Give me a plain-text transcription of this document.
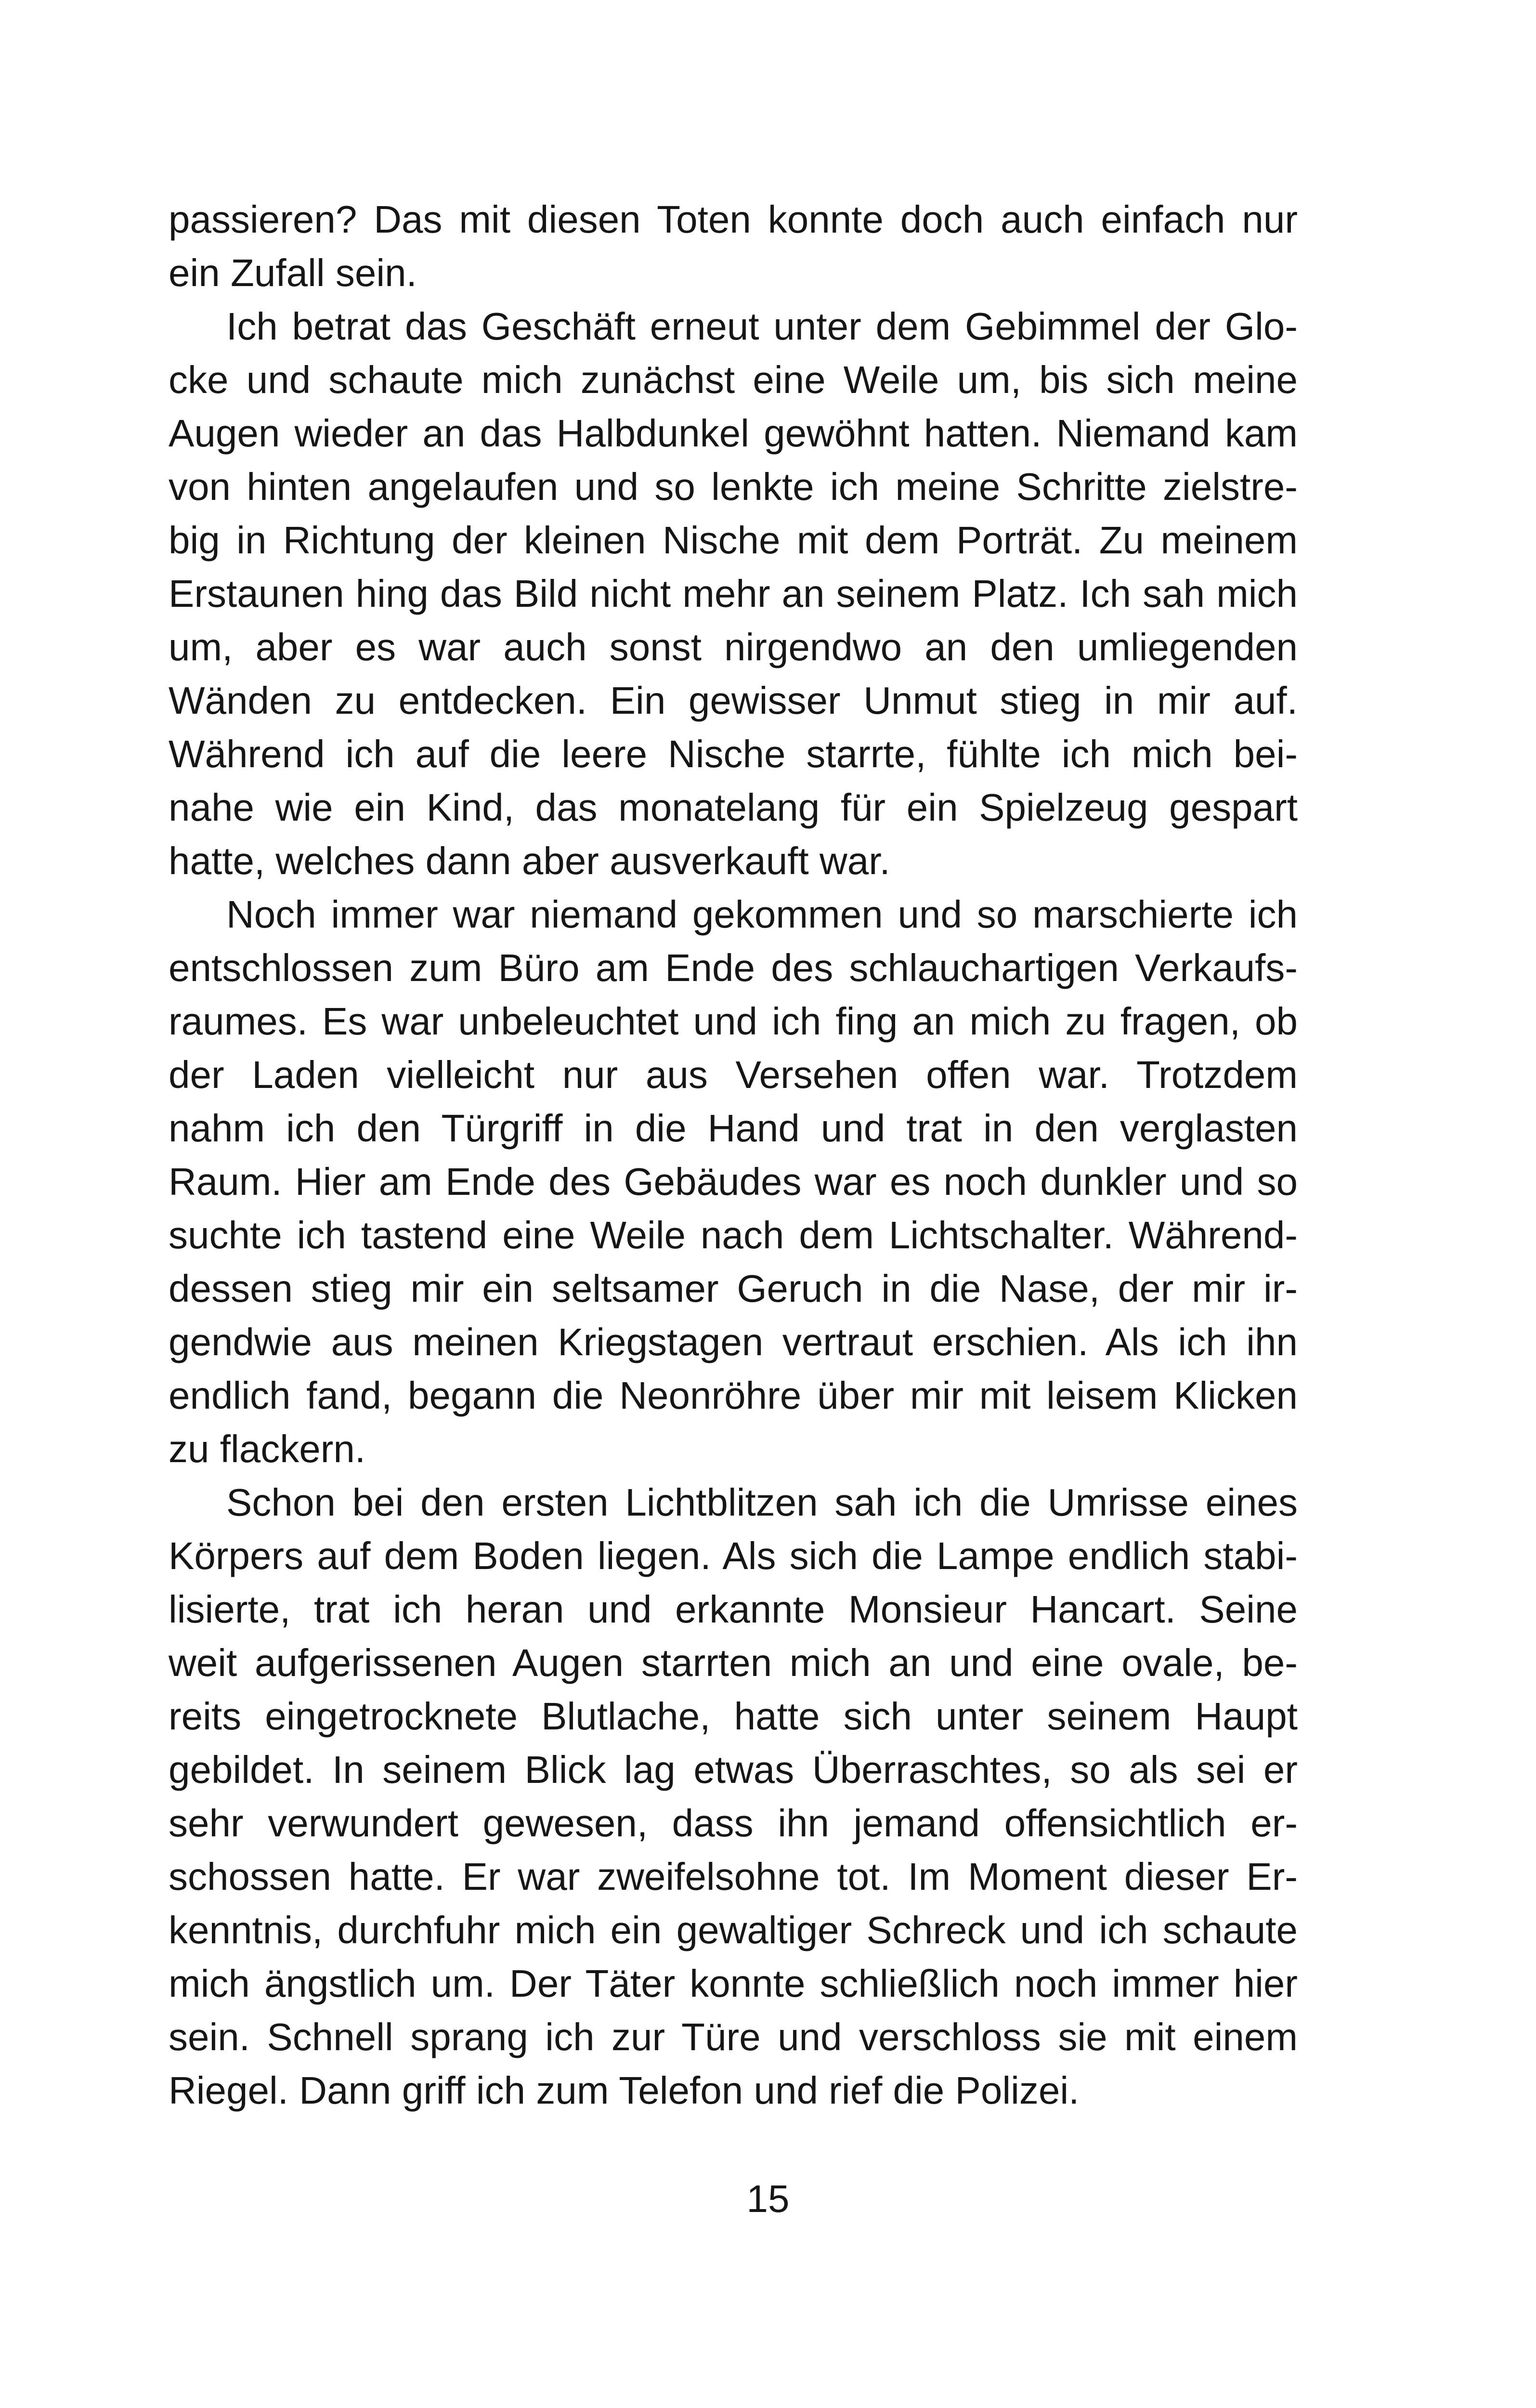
passieren? Das mit diesen Toten konnte doch auch einfach nur
ein Zufall sein.
Ich betrat das Geschäft erneut unter dem Gebimmel der Glo-
cke und schaute mich zunächst eine Weile um, bis sich meine
Augen wieder an das Halbdunkel gewöhnt hatten. Niemand kam
von hinten angelaufen und so lenkte ich meine Schritte zielstre-
big in Richtung der kleinen Nische mit dem Porträt. Zu meinem
Erstaunen hing das Bild nicht mehr an seinem Platz. Ich sah mich
um, aber es war auch sonst nirgendwo an den umliegenden
Wänden zu entdecken. Ein gewisser Unmut stieg in mir auf.
Während ich auf die leere Nische starrte, fühlte ich mich bei-
nahe wie ein Kind, das monatelang für ein Spielzeug gespart
hatte, welches dann aber ausverkauft war.
Noch immer war niemand gekommen und so marschierte ich
entschlossen zum Büro am Ende des schlauchartigen Verkaufs-
raumes. Es war unbeleuchtet und ich fing an mich zu fragen, ob
der Laden vielleicht nur aus Versehen offen war. Trotzdem
nahm ich den Türgriff in die Hand und trat in den verglasten
Raum. Hier am Ende des Gebäudes war es noch dunkler und so
suchte ich tastend eine Weile nach dem Lichtschalter. Während-
dessen stieg mir ein seltsamer Geruch in die Nase, der mir ir-
gendwie aus meinen Kriegstagen vertraut erschien. Als ich ihn
endlich fand, begann die Neonröhre über mir mit leisem Klicken
zu flackern.
Schon bei den ersten Lichtblitzen sah ich die Umrisse eines
Körpers auf dem Boden liegen. Als sich die Lampe endlich stabi-
lisierte, trat ich heran und erkannte Monsieur Hancart. Seine
weit aufgerissenen Augen starrten mich an und eine ovale, be-
reits eingetrocknete Blutlache, hatte sich unter seinem Haupt
gebildet. In seinem Blick lag etwas Überraschtes, so als sei er
sehr verwundert gewesen, dass ihn jemand offensichtlich er-
schossen hatte. Er war zweifelsohne tot. Im Moment dieser Er-
kenntnis, durchfuhr mich ein gewaltiger Schreck und ich schaute
mich ängstlich um. Der Täter konnte schließlich noch immer hier
sein. Schnell sprang ich zur Türe und verschloss sie mit einem
Riegel. Dann griff ich zum Telefon und rief die Polizei.
15
